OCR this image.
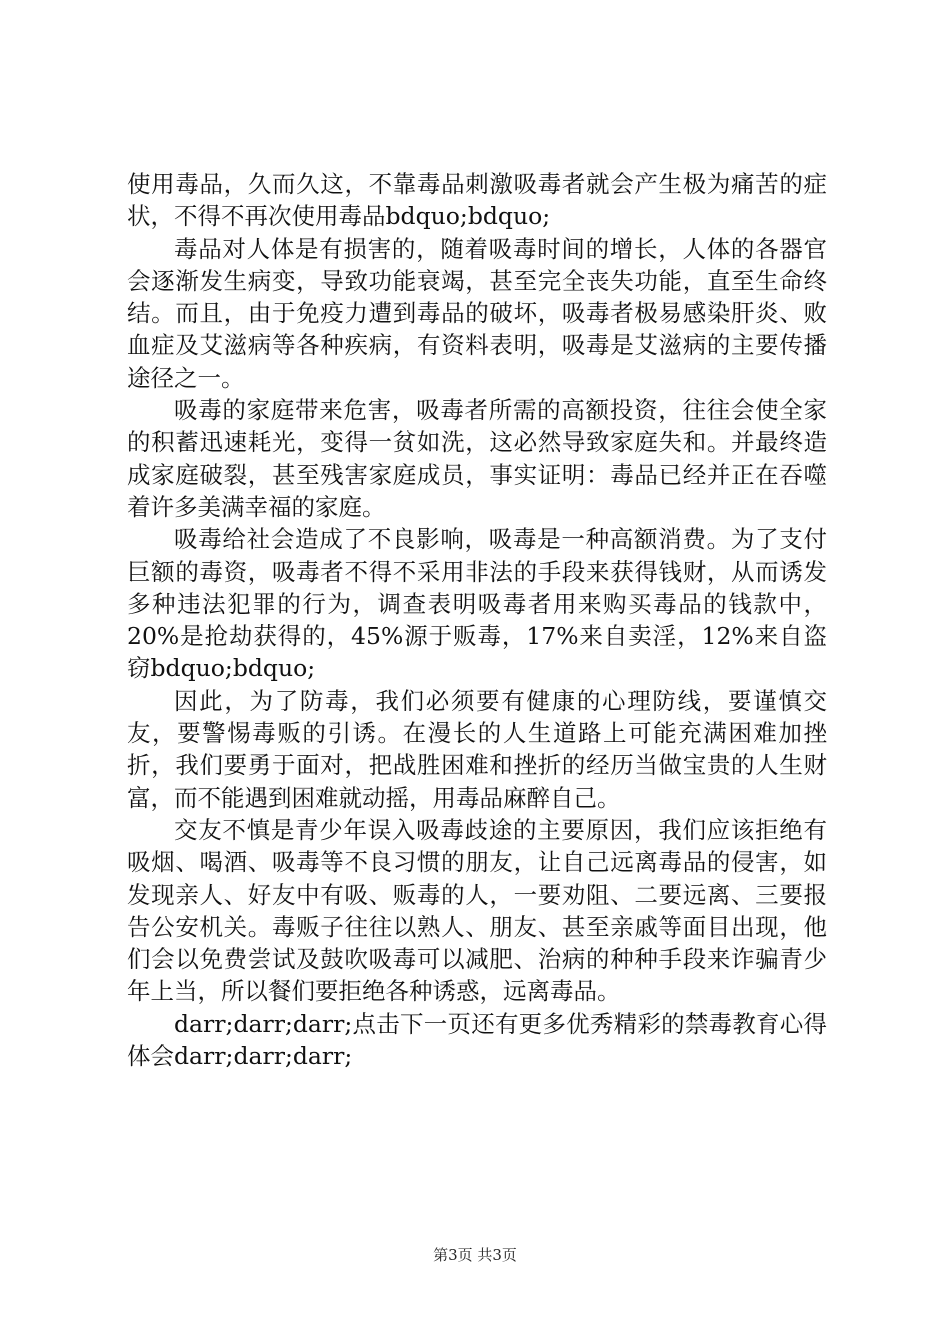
使用毒品，久而久这，不靠毒品刺激吸毒者就会产生极为痛苦的症状，不得不再次使用毒品bdquo;bdquo;

毒品对人体是有损害的，随着吸毒时间的增长，人体的各器官会逐渐发生病变，导致功能衰竭，甚至完全丧失功能，直至生命终结。而且，由于免疫力遭到毒品的破坏，吸毒者极易感染肝炎、败血症及艾滋病等各种疾病，有资料表明，吸毒是艾滋病的主要传播途径之一。

吸毒的家庭带来危害，吸毒者所需的高额投资，往往会使全家的积蓄迅速耗光，变得一贫如洗，这必然导致家庭失和。并最终造成家庭破裂，甚至残害家庭成员，事实证明：毒品已经并正在吞噬着许多美满幸福的家庭。

吸毒给社会造成了不良影响，吸毒是一种高额消费。为了支付巨额的毒资，吸毒者不得不采用非法的手段来获得钱财，从而诱发多种违法犯罪的行为，调查表明吸毒者用来购买毒品的钱款中，20%是抢劫获得的，45%源于贩毒，17%来自卖淫，12%来自盗窃bdquo;bdquo;

因此，为了防毒，我们必须要有健康的心理防线，要谨慎交友，要警惕毒贩的引诱。在漫长的人生道路上可能充满困难加挫折，我们要勇于面对，把战胜困难和挫折的经历当做宝贵的人生财富，而不能遇到困难就动摇，用毒品麻醉自己。

交友不慎是青少年误入吸毒歧途的主要原因，我们应该拒绝有吸烟、喝酒、吸毒等不良习惯的朋友，让自己远离毒品的侵害，如发现亲人、好友中有吸、贩毒的人，一要劝阻、二要远离、三要报告公安机关。毒贩子往往以熟人、朋友、甚至亲戚等面目出现，他们会以免费尝试及鼓吹吸毒可以减肥、治病的种种手段来诈骗青少年上当，所以餐们要拒绝各种诱惑，远离毒品。

darr;darr;darr;点击下一页还有更多优秀精彩的禁毒教育心得体会darr;darr;darr;

第3页 共3页
